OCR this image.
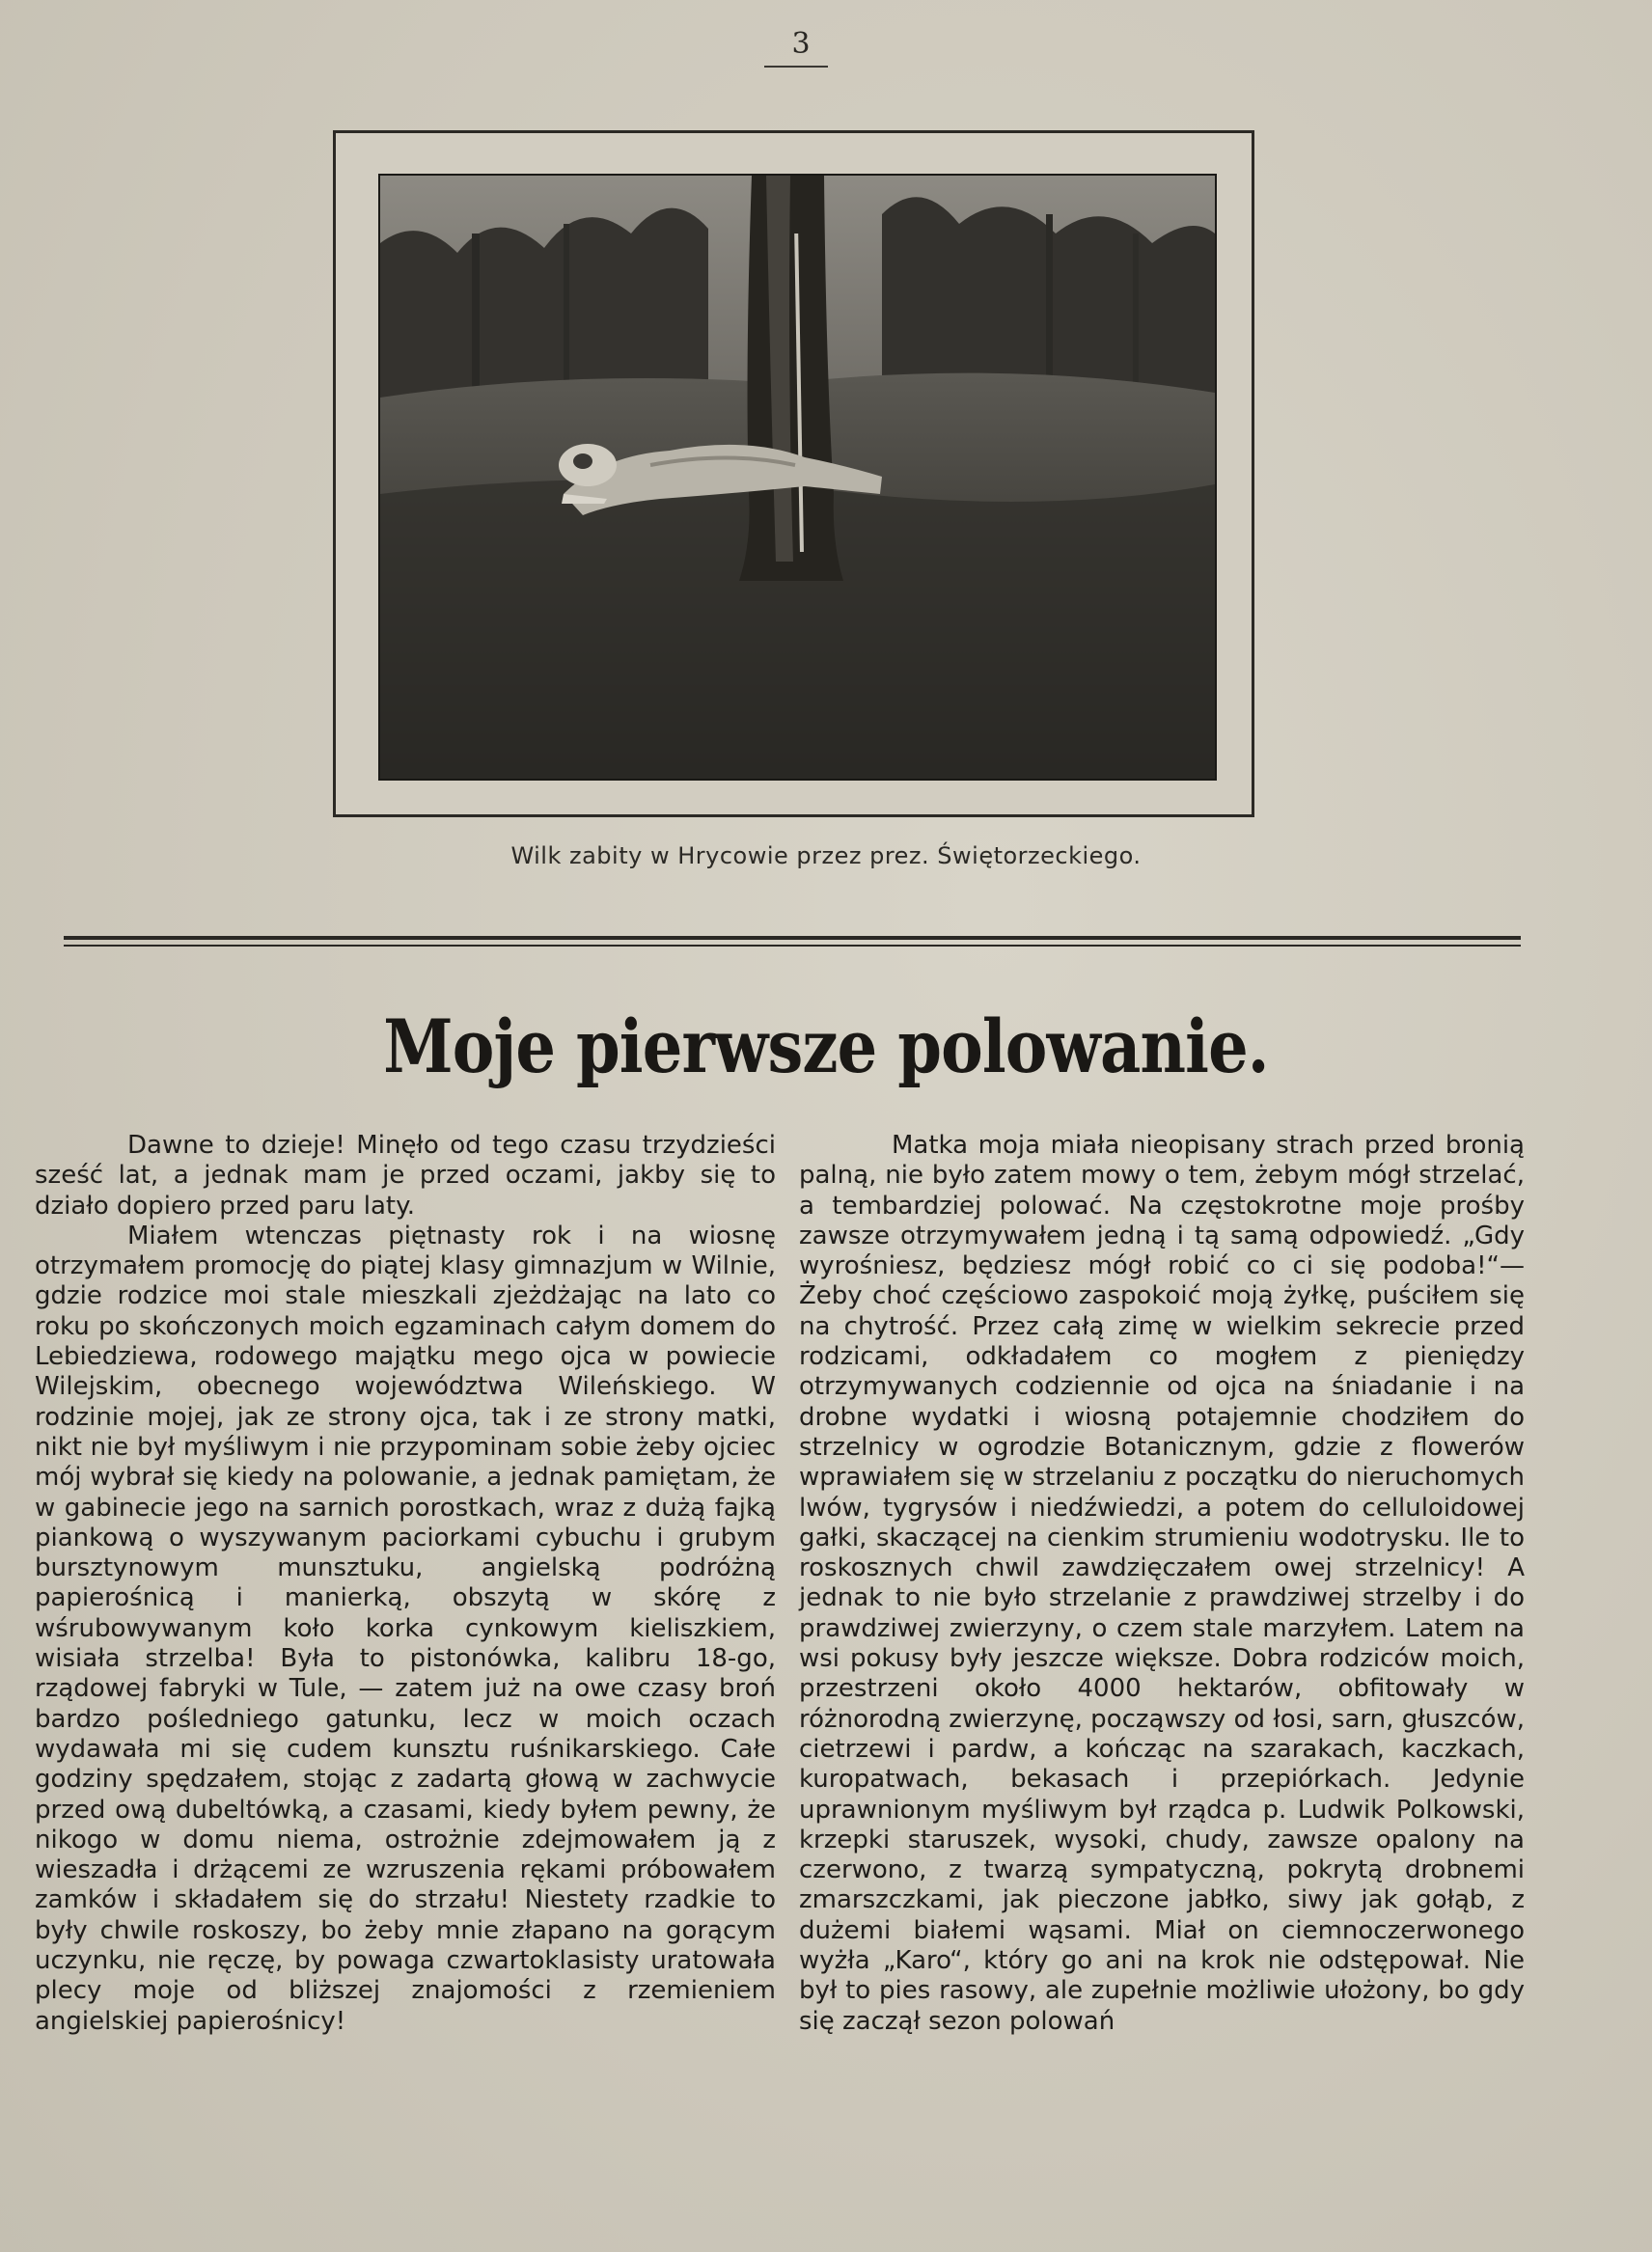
3
Wilk zabity w Hrycowie przez prez. Świętorzeckiego.
Moje pierwsze polowanie.

Dawne to dzieje! Minęło od tego czasu trzydzieści sześć lat, a jednak mam je przed oczami, jakby się to działo dopiero przed paru laty.

Miałem wtenczas piętnasty rok i na wiosnę otrzymałem promocję do piątej klasy gimnazjum w Wilnie, gdzie rodzice moi stale mieszkali zjeżdżając na lato co roku po skończonych moich egzaminach całym domem do Lebiedziewa, rodowego majątku mego ojca w powiecie Wilejskim, obecnego województwa Wileńskiego. W rodzinie mojej, jak ze strony ojca, tak i ze strony matki, nikt nie był myśliwym i nie przypominam sobie żeby ojciec mój wybrał się kiedy na polowanie, a jednak pamiętam, że w gabinecie jego na sarnich porostkach, wraz z dużą fajką piankową o wyszywanym paciorkami cybuchu i grubym bursztynowym munsztuku, angielską podróżną papierośnicą i manierką, obszytą w skórę z wśrubowywanym koło korka cynkowym kieliszkiem, wisiała strzelba! Była to pistonówka, kalibru 18-go, rządowej fabryki w Tule, — zatem już na owe czasy broń bardzo pośledniego gatunku, lecz w moich oczach wydawała mi się cudem kunsztu ruśnikarskiego. Całe godziny spędzałem, stojąc z zadartą głową w zachwycie przed ową dubeltówką, a czasami, kiedy byłem pewny, że nikogo w domu niema, ostrożnie zdejmowałem ją z wieszadła i drżącemi ze wzruszenia rękami próbowałem zamków i składałem się do strzału! Niestety rzadkie to były chwile roskoszy, bo żeby mnie złapano na gorącym uczynku, nie ręczę, by powaga czwartoklasisty uratowała plecy moje od bliższej znajomości z rzemieniem angielskiej papierośnicy!

Matka moja miała nieopisany strach przed bronią palną, nie było zatem mowy o tem, żebym mógł strzelać, a tembardziej polować. Na częstokrotne moje prośby zawsze otrzymywałem jedną i tą samą odpowiedź. „Gdy wyrośniesz, będziesz mógł robić co ci się podoba!“—Żeby choć częściowo zaspokoić moją żyłkę, puściłem się na chytrość. Przez całą zimę w wielkim sekrecie przed rodzicami, odkładałem co mogłem z pieniędzy otrzymywanych codziennie od ojca na śniadanie i na drobne wydatki i wiosną potajemnie chodziłem do strzelnicy w ogrodzie Botanicznym, gdzie z flowerów wprawiałem się w strzelaniu z początku do nieruchomych lwów, tygrysów i niedźwiedzi, a potem do celluloidowej gałki, skaczącej na cienkim strumieniu wodotrysku. Ile to roskosznych chwil zawdzięczałem owej strzelnicy! A jednak to nie było strzelanie z prawdziwej strzelby i do prawdziwej zwierzyny, o czem stale marzyłem. Latem na wsi pokusy były jeszcze większe. Dobra rodziców moich, przestrzeni około 4000 hektarów, obfitowały w różnorodną zwierzynę, począwszy od łosi, sarn, głuszców, cietrzewi i pardw, a kończąc na szarakach, kaczkach, kuropatwach, bekasach i przepiórkach. Jedynie uprawnionym myśliwym był rządca p. Ludwik Polkowski, krzepki staruszek, wysoki, chudy, zawsze opalony na czerwono, z twarzą sympatyczną, pokrytą drobnemi zmarszczkami, jak pieczone jabłko, siwy jak gołąb, z dużemi białemi wąsami. Miał on ciemnoczerwonego wyżła „Karo“, który go ani na krok nie odstępował. Nie był to pies rasowy, ale zupełnie możliwie ułożony, bo gdy się zaczął sezon polowań
